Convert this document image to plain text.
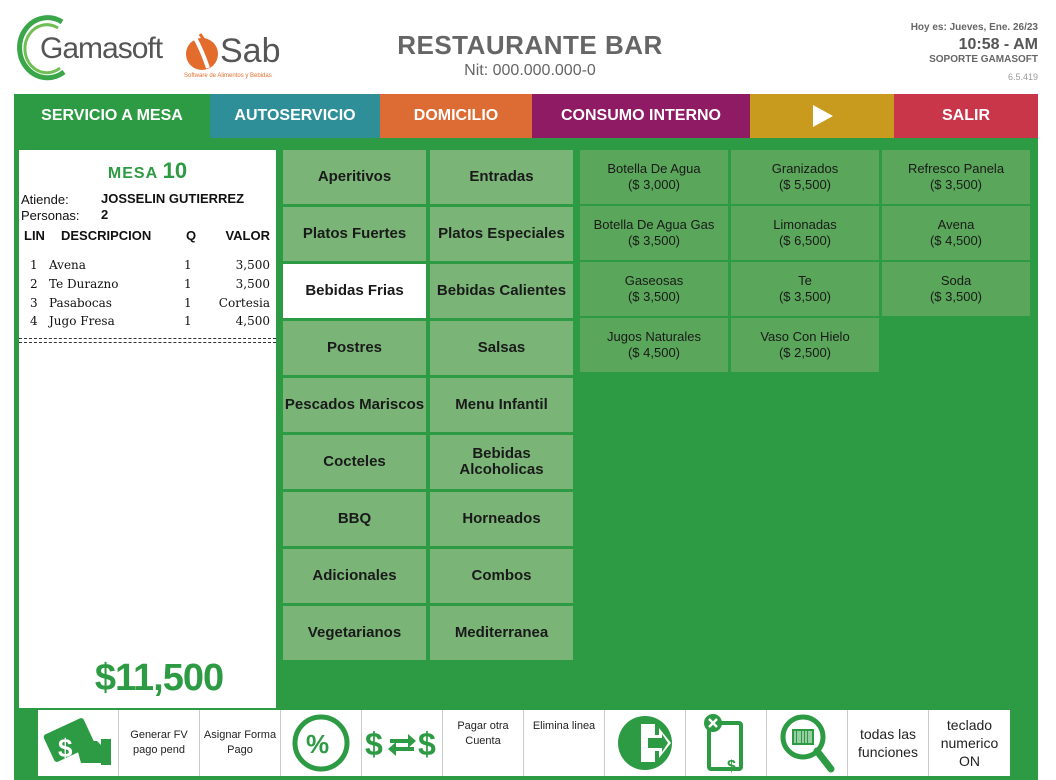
Gamasoft Sab
Software de Alimentos y Bebidas
RESTAURANTE BAR
Nit: 000.000.000-0
Hoy es: Jueves, Ene. 26/23
10:58 - AM
SOPORTE GAMASOFT
6.5.419
SERVICIO A MESA	AUTOSERVICIO	DOMICILIO	CONSUMO INTERNO	SALIR
MESA 10
Atiende: JOSSELIN GUTIERREZ
Personas: 2
LIN DESCRIPCION	Q VALOR
1 Avena	1	3,500
2 Te Durazno	1	3,500
3 Pasabocas	1 Cortesia
4 Jugo Fresa	1	4,500
$11,500
Aperitivos	Entradas
Platos Fuertes	Platos Especiales
Bebidas Frias	Bebidas Calientes
Postres	Salsas
Pescados Mariscos	Menu Infantil
Cocteles	Bebidas Alcoholicas
BBQ	Horneados
Adicionales	Combos
Vegetarianos	Mediterranea
Botella De Agua
($ 3,000)
Granizados
($ 5,500)
Refresco Panela
($ 3,500)
Botella De Agua Gas
($ 3,500)
Limonadas
($ 6,500)
Avena
($ 4,500)
Gaseosas
($ 3,500)
Te
($ 3,500)
Soda
($ 3,500)
Jugos Naturales
($ 4,500)
Vaso Con Hielo
($ 2,500)
$	Generar FV pago pend
Asignar Forma Pago	% $ $	Pagar otra Cuenta
Elimina linea
$
todas las funciones
teclado numerico ON
